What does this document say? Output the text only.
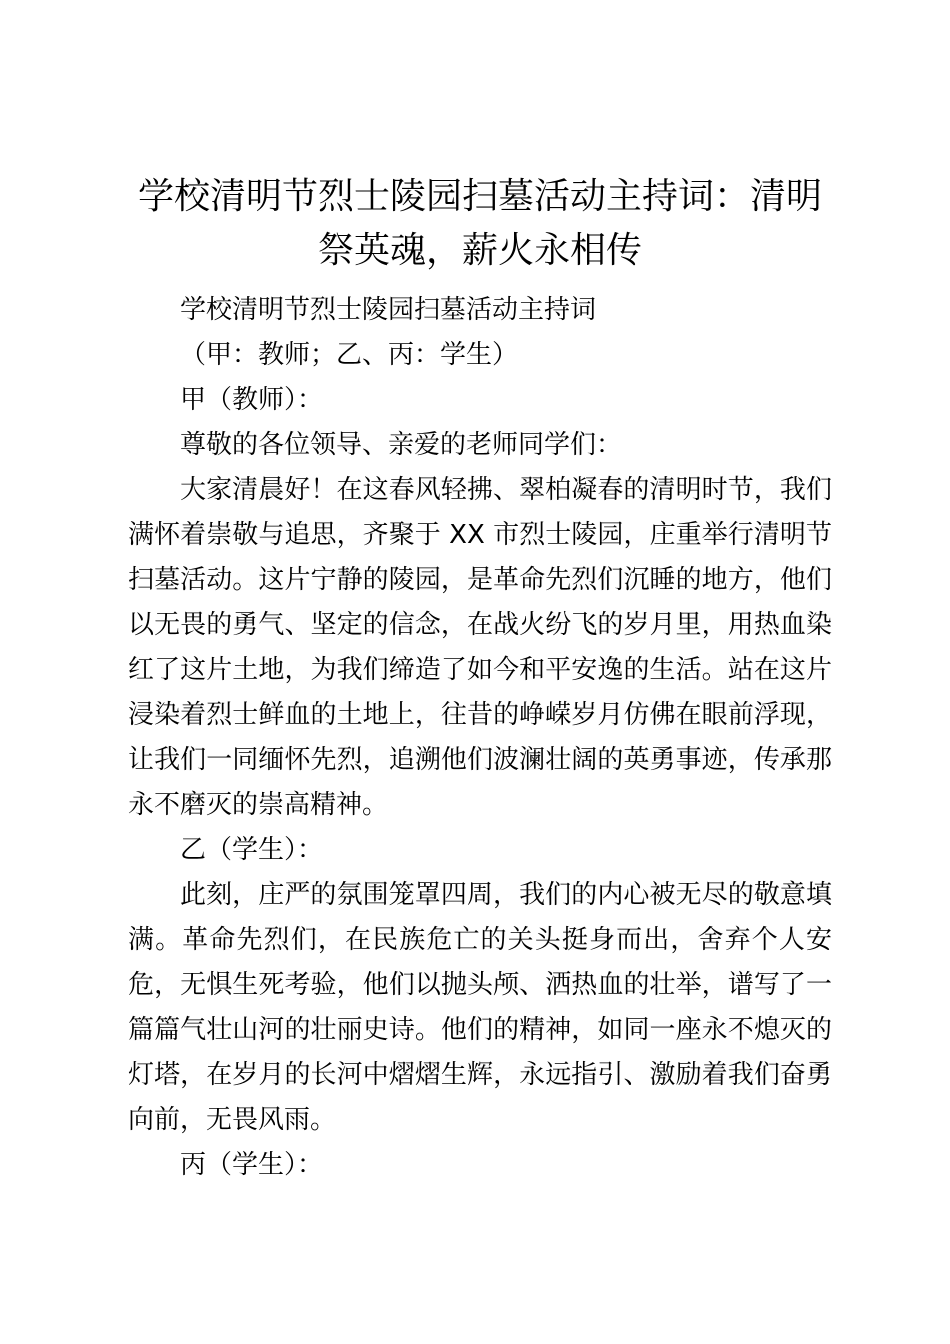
学校清明节烈士陵园扫墓活动主持词：清明祭英魂，薪火永相传

学校清明节烈士陵园扫墓活动主持词

（甲：教师；乙、丙：学生）

甲（教师）：

尊敬的各位领导、亲爱的老师同学们：

大家清晨好！在这春风轻拂、翠柏凝春的清明时节，我们满怀着崇敬与追思，齐聚于 XX 市烈士陵园，庄重举行清明节扫墓活动。这片宁静的陵园，是革命先烈们沉睡的地方，他们以无畏的勇气、坚定的信念，在战火纷飞的岁月里，用热血染红了这片土地，为我们缔造了如今和平安逸的生活。站在这片浸染着烈士鲜血的土地上，往昔的峥嵘岁月仿佛在眼前浮现，让我们一同缅怀先烈，追溯他们波澜壮阔的英勇事迹，传承那永不磨灭的崇高精神。

乙（学生）：

此刻，庄严的氛围笼罩四周，我们的内心被无尽的敬意填满。革命先烈们，在民族危亡的关头挺身而出，舍弃个人安危，无惧生死考验，他们以抛头颅、洒热血的壮举，谱写了一篇篇气壮山河的壮丽史诗。他们的精神，如同一座永不熄灭的灯塔，在岁月的长河中熠熠生辉，永远指引、激励着我们奋勇向前，无畏风雨。

丙（学生）：
